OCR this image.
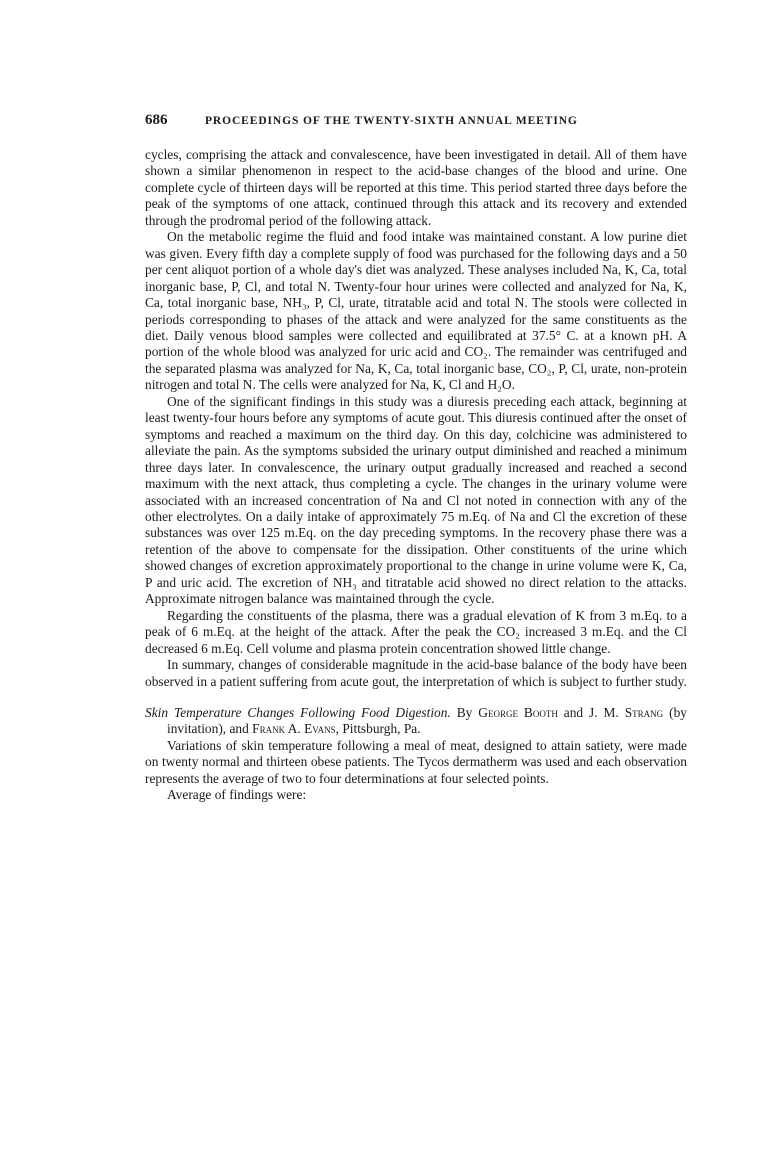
686	PROCEEDINGS OF THE TWENTY-SIXTH ANNUAL MEETING

cycles, comprising the attack and convalescence, have been investigated in detail. All of them have shown a similar phenomenon in respect to the acid-base changes of the blood and urine. One complete cycle of thirteen days will be reported at this time. This period started three days before the peak of the symptoms of one attack, continued through this attack and its recovery and extended through the prodromal period of the following attack.

On the metabolic regime the fluid and food intake was maintained constant. A low purine diet was given. Every fifth day a complete supply of food was purchased for the following days and a 50 per cent aliquot portion of a whole day's diet was analyzed. These analyses included Na, K, Ca, total inorganic base, P, Cl, and total N. Twenty-four hour urines were collected and analyzed for Na, K, Ca, total inorganic base, NH₃, P, Cl, urate, titratable acid and total N. The stools were collected in periods corresponding to phases of the attack and were analyzed for the same constituents as the diet. Daily venous blood samples were collected and equilibrated at 37.5° C. at a known pH. A portion of the whole blood was analyzed for uric acid and CO₂. The remainder was centrifuged and the separated plasma was analyzed for Na, K, Ca, total inorganic base, CO₂, P, Cl, urate, non-protein nitrogen and total N. The cells were analyzed for Na, K, Cl and H₂O.

One of the significant findings in this study was a diuresis preceding each attack, beginning at least twenty-four hours before any symptoms of acute gout. This diuresis continued after the onset of symptoms and reached a maximum on the third day. On this day, colchicine was administered to alleviate the pain. As the symptoms subsided the urinary output diminished and reached a minimum three days later. In convalescence, the urinary output gradually increased and reached a second maximum with the next attack, thus completing a cycle. The changes in the urinary volume were associated with an increased concentration of Na and Cl not noted in connection with any of the other electrolytes. On a daily intake of approximately 75 m.Eq. of Na and Cl the excretion of these substances was over 125 m.Eq. on the day preceding symptoms. In the recovery phase there was a retention of the above to compensate for the dissipation. Other constituents of the urine which showed changes of excretion approximately proportional to the change in urine volume were K, Ca, P and uric acid. The excretion of NH₃ and titratable acid showed no direct relation to the attacks. Approximate nitrogen balance was maintained through the cycle.

Regarding the constituents of the plasma, there was a gradual elevation of K from 3 m.Eq. to a peak of 6 m.Eq. at the height of the attack. After the peak the CO₂ increased 3 m.Eq. and the Cl decreased 6 m.Eq. Cell volume and plasma protein concentration showed little change.

In summary, changes of considerable magnitude in the acid-base balance of the body have been observed in a patient suffering from acute gout, the interpretation of which is subject to further study.

Skin Temperature Changes Following Food Digestion. By George Booth and J. M. Strang (by invitation), and Frank A. Evans, Pittsburgh, Pa.

Variations of skin temperature following a meal of meat, designed to attain satiety, were made on twenty normal and thirteen obese patients. The Tycos dermatherm was used and each observation represents the average of two to four determinations at four selected points.

Average of findings were:
